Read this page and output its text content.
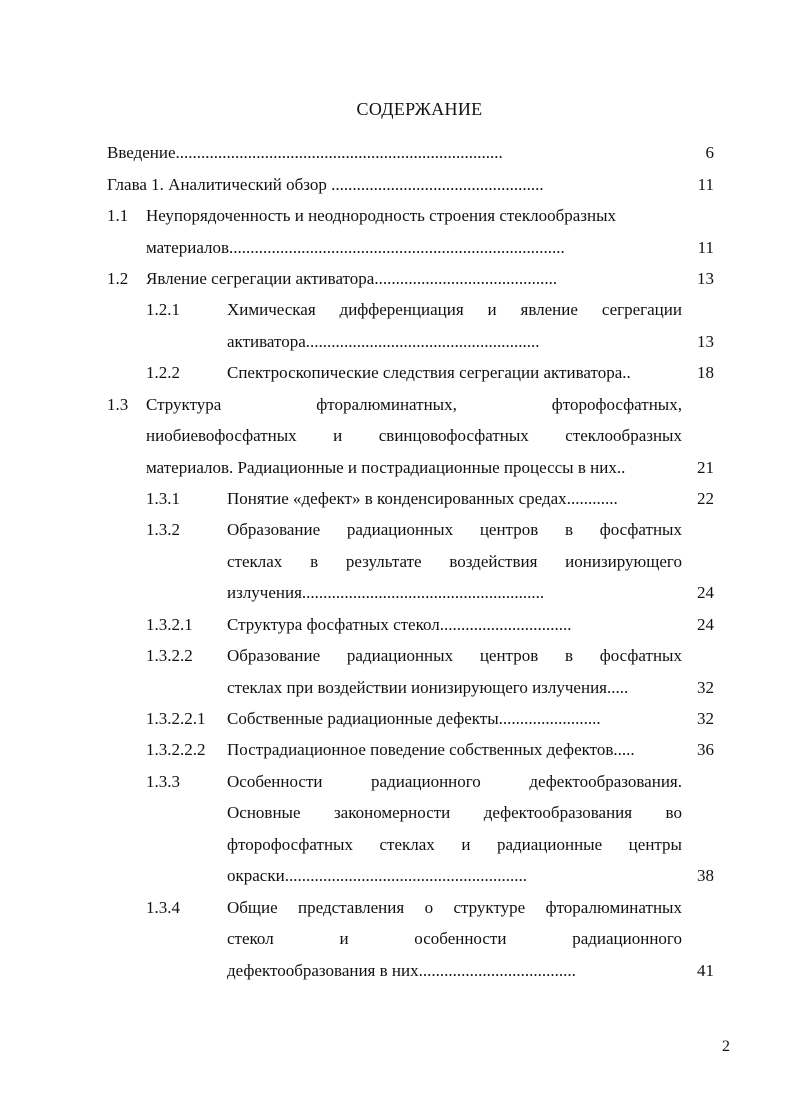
СОДЕРЖАНИЕ
Введение.............................................................................	6
Глава 1. Аналитический обзор ..................................................	11
1.1 Неупорядоченность и неоднородность строения стеклообразных
материалов...............................................................................	11
1.2 Явление сегрегации активатора...........................................	13
1.2.1	Химическая дифференциация и явление сегрегации
активатора.......................................................	13
1.2.2	Спектроскопические следствия сегрегации активатора..	18
1.3 Структура	фторалюминатных,	фторофосфатных,
ниобиевофосфатных и свинцовофосфатных стеклообразных
материалов. Радиационные и пострадиационные процессы в них..	21
1.3.1	Понятие «дефект» в конденсированных средах............	22
1.3.2	Образование радиационных центров в фосфатных
стеклах в результате воздействия ионизирующего
излучения.........................................................	24
1.3.2.1 Структура фосфатных стекол...............................	24
1.3.2.2 Образование радиационных центров в фосфатных
стеклах при воздействии ионизирующего излучения.....	32
1.3.2.2.1 Собственные радиационные дефекты........................	32
1.3.2.2.2 Пострадиационное поведение собственных дефектов.....	36
1.3.3	Особенности	радиационного	дефектообразования.
Основные закономерности дефектообразования во
фторофосфатных стеклах и радиационные центры
окраски.........................................................	38
1.3.4	Общие представления о структуре фторалюминатных
стекол	и	особенности	радиационного
дефектообразования в них.....................................	41
2
